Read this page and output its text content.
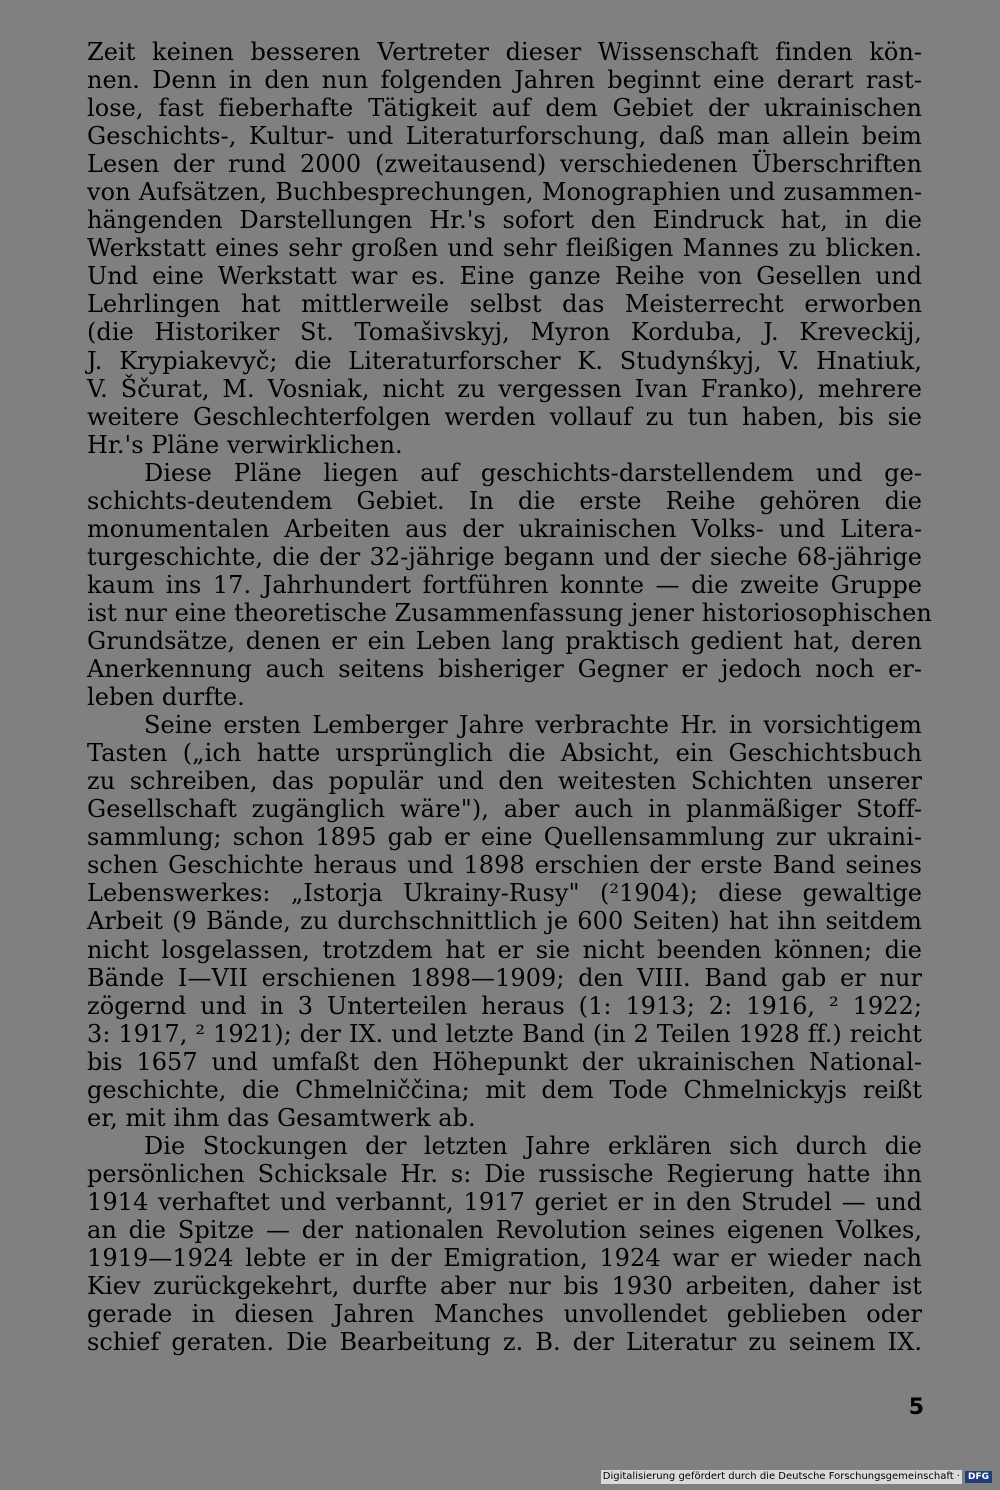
ˉ
Zeit keinen besseren Vertreter dieser Wissenschaft finden kön-
nen. Denn in den nun folgenden Jahren beginnt eine derart rast-
lose, fast fieberhafte Tätigkeit auf dem Gebiet der ukrainischen
Geschichts-, Kultur- und Literaturforschung, daß man allein beim
Lesen der rund 2000 (zweitausend) verschiedenen Überschriften
von Aufsätzen, Buchbesprechungen, Monographien und zusammen-
hängenden Darstellungen Hr.'s sofort den Eindruck hat, in die
Werkstatt eines sehr großen und sehr fleißigen Mannes zu blicken.
Und eine Werkstatt war es. Eine ganze Reihe von Gesellen und
Lehrlingen hat mittlerweile selbst das Meisterrecht erworben
(die Historiker St. Tomašivskyj, Myron Korduba, J. Kreveckij,
J. Krypiakevyč; die Literaturforscher K. Studynśkyj, V. Hnatiuk,
V. Ščurat, M. Vosniak, nicht zu vergessen Ivan Franko), mehrere
weitere Geschlechterfolgen werden vollauf zu tun haben, bis sie
Hr.'s Pläne verwirklichen.
Diese Pläne liegen auf geschichts-darstellendem und ge-
schichts-deutendem Gebiet. In die erste Reihe gehören die
monumentalen Arbeiten aus der ukrainischen Volks- und Litera-
turgeschichte, die der 32-jährige begann und der sieche 68-jährige
kaum ins 17. Jahrhundert fortführen konnte — die zweite Gruppe
ist nur eine theoretische Zusammenfassung jener historiosophischen
Grundsätze, denen er ein Leben lang praktisch gedient hat, deren
Anerkennung auch seitens bisheriger Gegner er jedoch noch er-
leben durfte.
Seine ersten Lemberger Jahre verbrachte Hr. in vorsichtigem
Tasten („ich hatte ursprünglich die Absicht, ein Geschichtsbuch
zu schreiben, das populär und den weitesten Schichten unserer
Gesellschaft zugänglich wäre"), aber auch in planmäßiger Stoff-
sammlung; schon 1895 gab er eine Quellensammlung zur ukraini-
schen Geschichte heraus und 1898 erschien der erste Band seines
Lebenswerkes: „Istorja Ukrainy-Rusy" (²1904); diese gewaltige
Arbeit (9 Bände, zu durchschnittlich je 600 Seiten) hat ihn seitdem
nicht losgelassen, trotzdem hat er sie nicht beenden können; die
Bände I—VII erschienen 1898—1909; den VIII. Band gab er nur
zögernd und in 3 Unterteilen heraus (1: 1913; 2: 1916, ² 1922;
3: 1917, ² 1921); der IX. und letzte Band (in 2 Teilen 1928 ff.) reicht
bis 1657 und umfaßt den Höhepunkt der ukrainischen National-
geschichte, die Chmelniččina; mit dem Tode Chmelnickyjs reißt
er, mit ihm das Gesamtwerk ab.
Die Stockungen der letzten Jahre erklären sich durch die
persönlichen Schicksale Hr. s: Die russische Regierung hatte ihn
1914 verhaftet und verbannt, 1917 geriet er in den Strudel — und
an die Spitze — der nationalen Revolution seines eigenen Volkes,
1919—1924 lebte er in der Emigration, 1924 war er wieder nach
Kiev zurückgekehrt, durfte aber nur bis 1930 arbeiten, daher ist
gerade in diesen Jahren Manches unvollendet geblieben oder
schief geraten. Die Bearbeitung z. B. der Literatur zu seinem IX.
5
Digitalisierung gefördert durch die Deutsche Forschungsgemeinschaft · DFG
